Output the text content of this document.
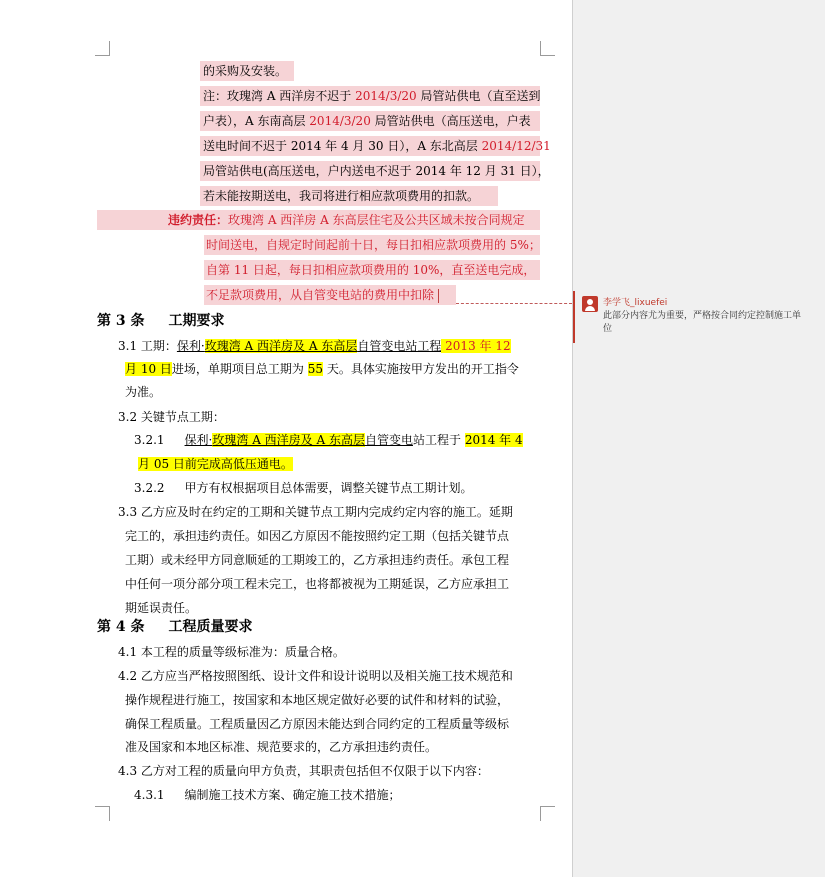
的采购及安装。
注：玫瑰湾 A 西洋房不迟于 2014/3/20 局管站供电（直至送到
户表），A 东南高层 2014/3/20 局管站供电（高压送电，户表
送电时间不迟于 2014 年 4 月 30 日），A 东北高层 2014/12/31
局管站供电(高压送电，户内送电不迟于 2014 年 12 月 31 日），
若未能按期送电，我司将进行相应款项费用的扣款。
违约责任：玫瑰湾 A 西洋房 A 东高层住宅及公共区域未按合同规定
时间送电，自规定时间起前十日，每日扣相应款项费用的 5%；
自第 11 日起，每日扣相应款项费用的 10%，直至送电完成，
不足款项费用，从自管变电站的费用中扣除
第 3 条 工期要求
3.1 工期：保利·玫瑰湾 A 西洋房及 A 东高层自管变电站工程 2013 年 12
月 10 日进场，单期项目总工期为 55 天。具体实施按甲方发出的开工指令
为准。
3.2 关键节点工期：
3.2.1 保利·玫瑰湾 A 西洋房及 A 东高层自管变电站工程于 2014 年 4
月 05 日前完成高低压通电。
3.2.2 甲方有权根据项目总体需要，调整关键节点工期计划。
3.3 乙方应及时在约定的工期和关键节点工期内完成约定内容的施工。延期
完工的，承担违约责任。如因乙方原因不能按照约定工期（包括关键节点
工期）或未经甲方同意顺延的工期竣工的，乙方承担违约责任。承包工程
中任何一项分部分项工程未完工，也将都被视为工期延误，乙方应承担工
期延误责任。
第 4 条 工程质量要求
4.1 本工程的质量等级标准为：质量合格。
4.2 乙方应当严格按照图纸、设计文件和设计说明以及相关施工技术规范和
操作规程进行施工，按国家和本地区规定做好必要的试件和材料的试验，
确保工程质量。工程质量因乙方原因未能达到合同约定的工程质量等级标
准及国家和本地区标准、规范要求的，乙方承担违约责任。
4.3 乙方对工程的质量向甲方负责，其职责包括但不仅限于以下内容：
4.3.1 编制施工技术方案、确定施工技术措施；
李学飞_lixuefei
此部分内容尤为重要，严格按合同约定控制施工单位
